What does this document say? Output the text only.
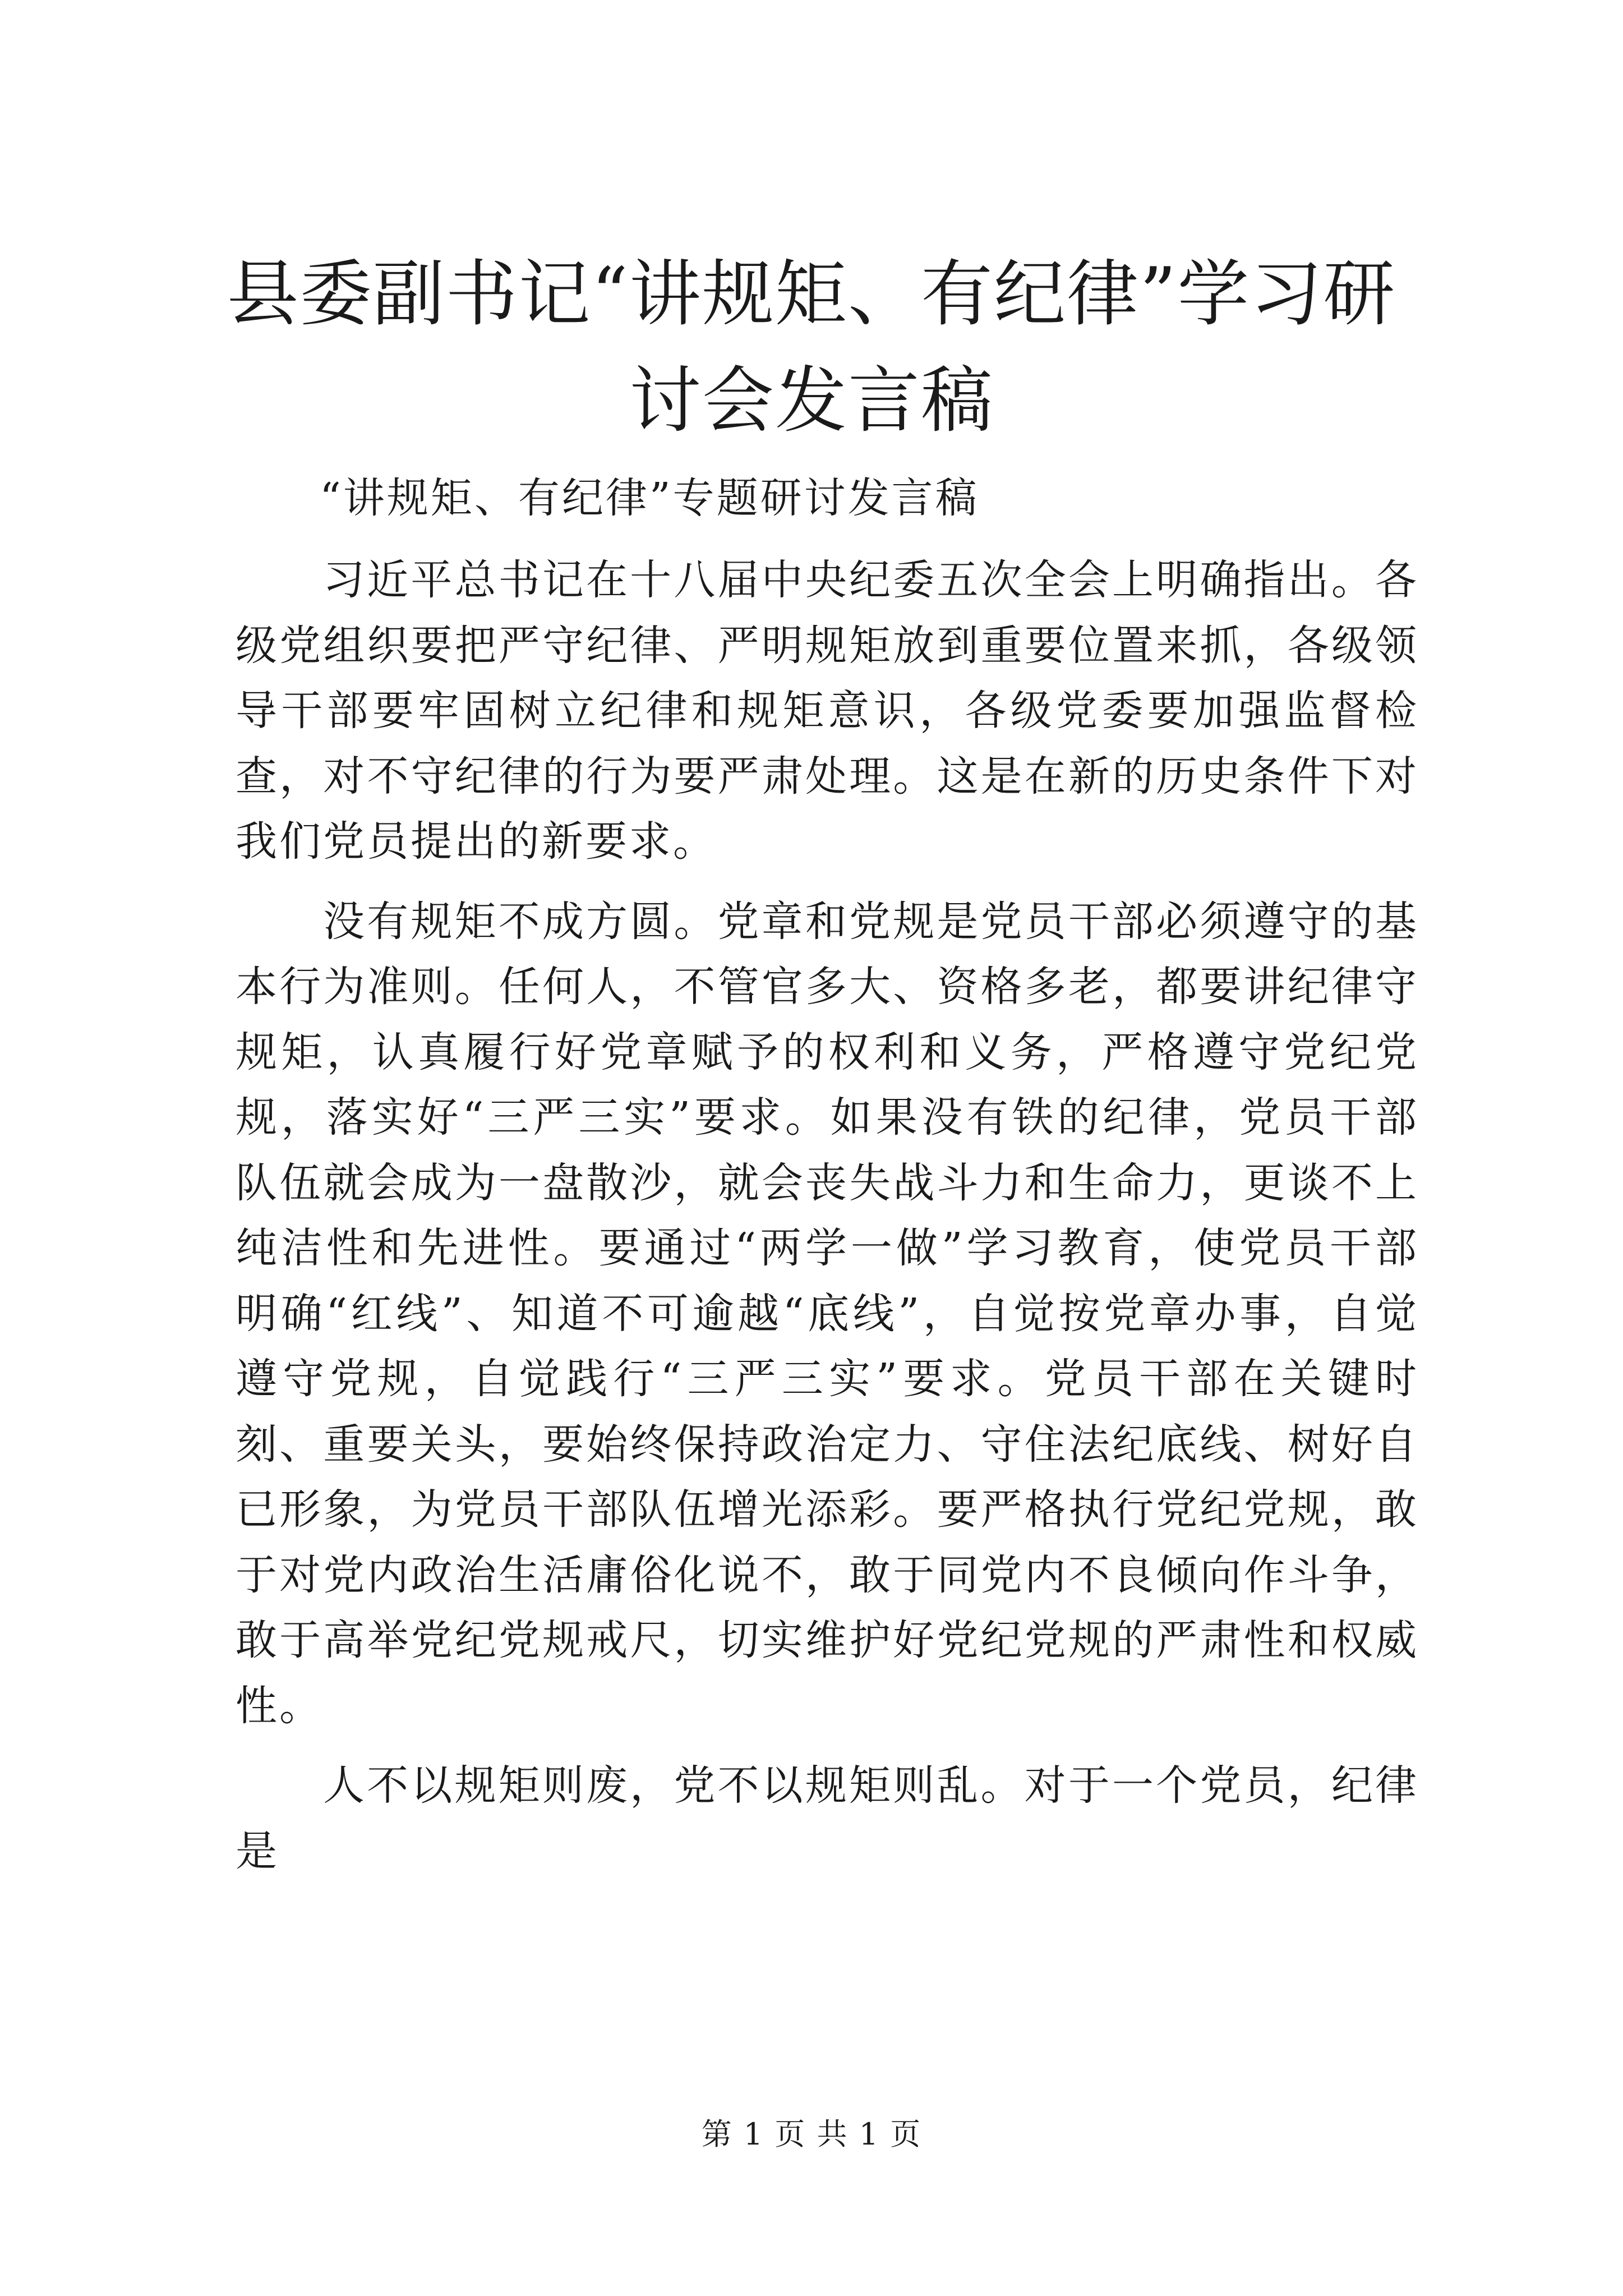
县委副书记“讲规矩、有纪律”学习研讨会发言稿

“讲规矩、有纪律”专题研讨发言稿

习近平总书记在十八届中央纪委五次全会上明确指出。各级党组织要把严守纪律、严明规矩放到重要位置来抓，各级领导干部要牢固树立纪律和规矩意识，各级党委要加强监督检查，对不守纪律的行为要严肃处理。这是在新的历史条件下对我们党员提出的新要求。

没有规矩不成方圆。党章和党规是党员干部必须遵守的基本行为准则。任何人，不管官多大、资格多老，都要讲纪律守规矩，认真履行好党章赋予的权利和义务，严格遵守党纪党规，落实好“三严三实”要求。如果没有铁的纪律，党员干部队伍就会成为一盘散沙，就会丧失战斗力和生命力，更谈不上纯洁性和先进性。要通过“两学一做”学习教育，使党员干部明确“红线”、知道不可逾越“底线”，自觉按党章办事，自觉遵守党规，自觉践行“三严三实”要求。党员干部在关键时刻、重要关头，要始终保持政治定力、守住法纪底线、树好自已形象，为党员干部队伍增光添彩。要严格执行党纪党规，敢于对党内政治生活庸俗化说不，敢于同党内不良倾向作斗争，敢于高举党纪党规戒尺，切实维护好党纪党规的严肃性和权威性。

人不以规矩则废，党不以规矩则乱。对于一个党员，纪律是

第 1 页 共 1 页
